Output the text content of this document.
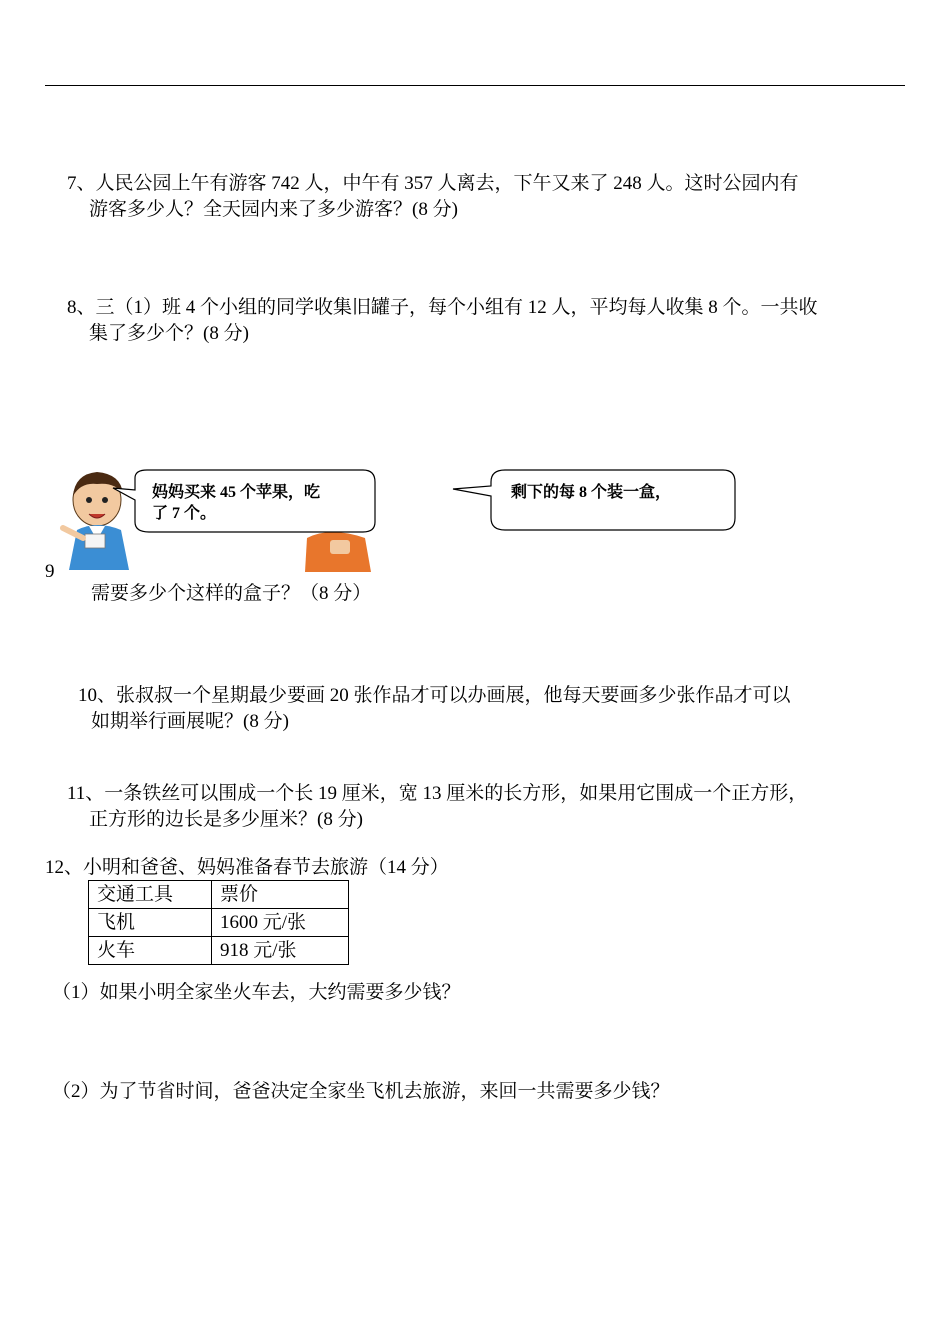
7、人民公园上午有游客 742 人，中午有 357 人离去，下午又来了 248 人。这时公园内有
游客多少人？全天园内来了多少游客？(8 分)
8、三（1）班 4 个小组的同学收集旧罐子，每个小组有 12 人，平均每人收集 8 个。一共收
集了多少个？(8 分)
妈妈买来 45 个苹果，吃
了 7 个。
剩下的每 8 个装一盒，
9
需要多少个这样的盒子？（8 分）
10、张叔叔一个星期最少要画 20 张作品才可以办画展，他每天要画多少张作品才可以
如期举行画展呢？(8 分)
11、一条铁丝可以围成一个长 19 厘米，宽 13 厘米的长方形，如果用它围成一个正方形，
正方形的边长是多少厘米？(8 分)
12、小明和爸爸、妈妈准备春节去旅游（14 分）
交通工具	票价
飞机	1600 元/张
火车	918 元/张
（1）如果小明全家坐火车去，大约需要多少钱？
（2）为了节省时间，爸爸决定全家坐飞机去旅游，来回一共需要多少钱？
